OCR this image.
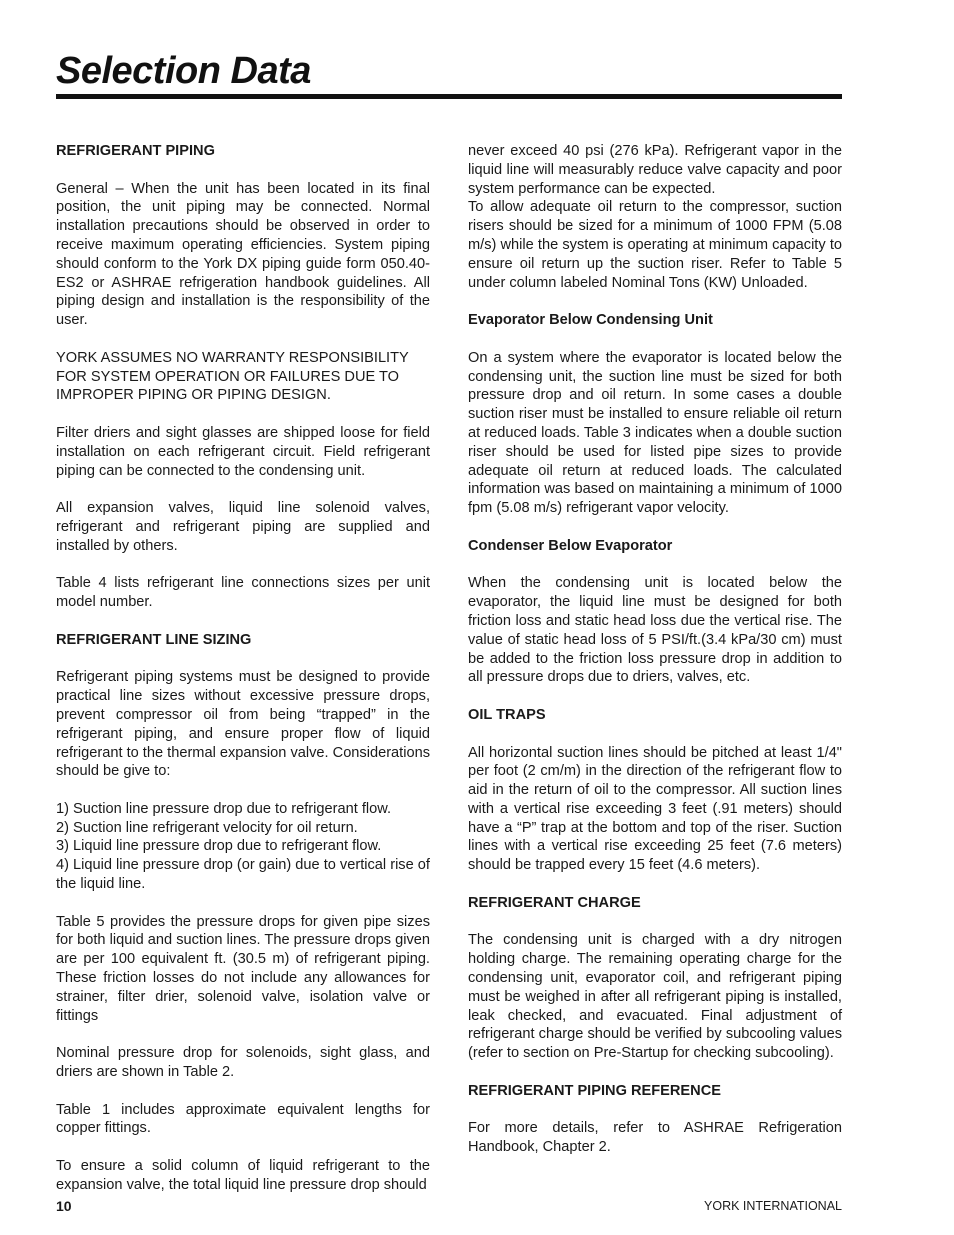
Selection Data
REFRIGERANT PIPING

General – When the unit has been located in its final position, the unit piping may be connected. Normal installation precautions should be observed in order to receive maximum operating efficiencies. System piping should conform to the York DX piping guide form 050.40-ES2 or ASHRAE refrigeration handbook guidelines. All piping design and installation is the responsibility of the user.

YORK ASSUMES NO WARRANTY RESPONSIBILITY FOR SYSTEM OPERATION OR FAILURES DUE TO IMPROPER PIPING OR PIPING DESIGN.

Filter driers and sight glasses are shipped loose for field installation on each refrigerant circuit. Field refrigerant piping can be connected to the condensing unit.

All expansion valves, liquid line solenoid valves, refrigerant and refrigerant piping are supplied and installed by others.

Table 4 lists refrigerant line connections sizes per unit model number.

REFRIGERANT LINE SIZING

Refrigerant piping systems must be designed to provide practical line sizes without excessive pressure drops, prevent compressor oil from being “trapped” in the refrigerant piping, and ensure proper flow of liquid refrigerant to the thermal expansion valve. Considerations should be give to:

1) Suction line pressure drop due to refrigerant flow.
2) Suction line refrigerant velocity for oil return.
3) Liquid line pressure drop due to refrigerant flow.
4) Liquid line pressure drop (or gain) due to vertical rise of the liquid line.

Table 5 provides the pressure drops for given pipe sizes for both liquid and suction lines. The pressure drops given are per 100 equivalent ft. (30.5 m) of refrigerant piping. These friction losses do not include any allowances for strainer, filter drier, solenoid valve, isolation valve or fittings

Nominal pressure drop for solenoids, sight glass, and driers are shown in Table 2.

Table 1 includes approximate equivalent lengths for copper fittings.

To ensure a solid column of liquid refrigerant to the expansion valve, the total liquid line pressure drop should

never exceed 40 psi (276 kPa). Refrigerant vapor in the liquid line will measurably reduce valve capacity and poor system performance can be expected.

To allow adequate oil return to the compressor, suction risers should be sized for a minimum of 1000 FPM (5.08 m/s) while the system is operating at minimum capacity to ensure oil return up the suction riser. Refer to Table 5 under column labeled Nominal Tons (KW) Unloaded.

Evaporator Below Condensing Unit

On a system where the evaporator is located below the condensing unit, the suction line must be sized for both pressure drop and oil return. In some cases a double suction riser must be installed to ensure reliable oil return at reduced loads. Table 3 indicates when a double suction riser should be used for listed pipe sizes to provide adequate oil return at reduced loads. The calculated information was based on maintaining a minimum of 1000 fpm (5.08 m/s) refrigerant vapor velocity.

Condenser Below Evaporator

When the condensing unit is located below the evaporator, the liquid line must be designed for both friction loss and static head loss due the vertical rise. The value of static head loss of 5 PSI/ft.(3.4 kPa/30 cm) must be added to the friction loss pressure drop in addition to all pressure drops due to driers, valves, etc.

OIL TRAPS

All horizontal suction lines should be pitched at least 1/4" per foot (2 cm/m) in the direction of the refrigerant flow to aid in the return of oil to the compressor. All suction lines with a vertical rise exceeding 3 feet (.91 meters) should have a “P” trap at the bottom and top of the riser. Suction lines with a vertical rise exceeding 25 feet (7.6 meters) should be trapped every 15 feet (4.6 meters).

REFRIGERANT CHARGE

The condensing unit is charged with a dry nitrogen holding charge. The remaining operating charge for the condensing unit, evaporator coil, and refrigerant piping must be weighed in after all refrigerant piping is installed, leak checked, and evacuated. Final adjustment of refrigerant charge should be verified by subcooling values (refer to section on Pre-Startup for checking subcooling).

REFRIGERANT PIPING REFERENCE

For more details, refer to ASHRAE Refrigeration Handbook, Chapter 2.

10	YORK INTERNATIONAL
